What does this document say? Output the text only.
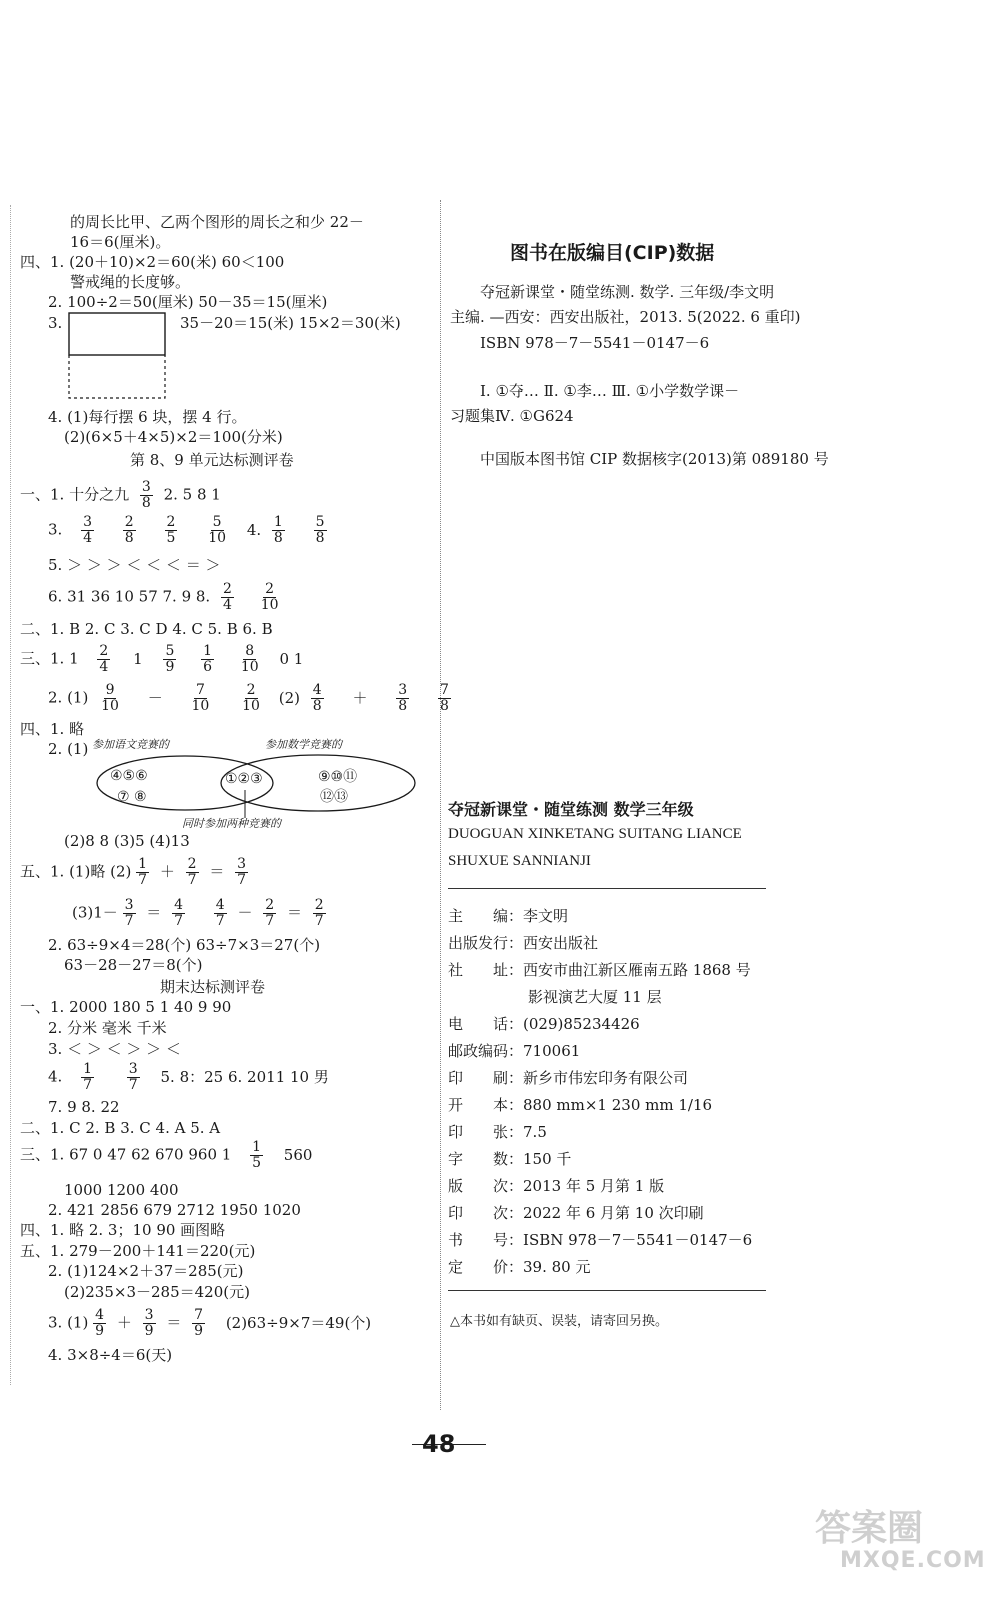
的周长比甲、乙两个图形的周长之和少 22－
16＝6(厘米)。
四、1. (20＋10)×2＝60(米) 60＜100
警戒绳的长度够。
2. 100÷2＝50(厘米) 50－35＝15(厘米)
3.	35－20＝15(米) 15×2＝30(米)
4. (1)每行摆 6 块，摆 4 行。
(2)(6×5＋4×5)×2＝100(分米)
第 8、9 单元达标测评卷
一、1. 十分之九 $\frac{3}{8} 2$. 5 8 1
3. $\frac{3}{4}$
$\frac{2}{8}$
$\frac{2}{5}$
$\frac{5}{10} 4$. $\frac{1}{8}$
$\frac{5}{8}$
5. ＞ ＞ ＞ ＜ ＜ ＜ ＝ ＞
6. 31 36 10 57 7. 9 8. $\frac{2}{4}$
$\frac{2}{10}$
二、1. B 2. C 3. C D 4. C 5. B 6. B
三、1. $1 \frac{2}{4} 1 \frac{5}{9}$
$\frac{1}{6}$
$\frac{8}{10} 0$ 1
2. $(1) \frac{9}{10} - \frac{7}{10}$
$\frac{2}{10} (2) \frac{4}{8} + \frac{3}{8}$
$\frac{7}{8}$
四、1. 略
2. (1) 参加语文竞赛的	参加数学竞赛的
④⑤⑥
⑦ ⑧
①②③	⑨⑩⑪
⑫⑬
同时参加两种竞赛的
(2)8 8 (3)5 (4)13
五、1. (1)略 $(2) \frac{1}{7} + \frac{2}{7} = \frac{3}{7}$
$(3)1- \frac{3}{7} = \frac{4}{7}$
$\frac{4}{7} - \frac{2}{7} = \frac{2}{7}$
2. 63÷9×4＝28(个) 63÷7×3＝27(个)
63－28－27＝8(个)
期末达标测评卷
一、1. 2000 180 5 1 40 9 90
2. 分米 毫米 千米
3. ＜ ＞ ＜ ＞ ＞ ＜
4. $\frac{1}{7}$
$\frac{3}{7} 5$. 8：25 6. 2011 10 男
7. 9 8. 22
二、1. C 2. B 3. C 4. A 5. A
三、1. 67 0 47 62 670 960 $1 \frac{1}{5} 560$
1000 1200 400
2. 421 2856 679 2712 1950 1020
四、1. 略 2. 3；10 90 画图略
五、1. 279－200＋141＝220(元)
2. (1)124×2＋37＝285(元)
(2)235×3－285＝420(元)
3. $(1) \frac{4}{9} + \frac{3}{9} = \frac{7}{9} (2)63\div 9\times 7=49$(个)
4. 3×8÷4＝6(天)
图书在版编目(CIP)数据
夺冠新课堂・随堂练测. 数学. 三年级/李文明
主编. —西安：西安出版社，2013. 5(2022. 6 重印)
ISBN 978－7－5541－0147－6
Ⅰ. ①夺… Ⅱ. ①李… Ⅲ. ①小学数学课－
习题集Ⅳ. ①G624
中国版本图书馆 CIP 数据核字(2013)第 089180 号
夺冠新课堂・随堂练测 数学三年级
DUOGUAN XINKETANG SUITANG LIANCE
SHUXUE SANNIANJI
主　　编：李文明
出版发行：西安出版社
社　　址：西安市曲江新区雁南五路 1868 号
影视演艺大厦 11 层
电　　话：(029)85234426
邮政编码：710061
印　　刷：新乡市伟宏印务有限公司
开　　本：880 mm×1 230 mm 1/16
印　　张：7.5
字　　数：150 千
版　　次：2013 年 5 月第 1 版
印　　次：2022 年 6 月第 10 次印刷
书　　号：ISBN 978－7－5541－0147－6
定　　价：39. 80 元
△本书如有缺页、误装，请寄回另换。
48
答案圈
MXQE.COM
